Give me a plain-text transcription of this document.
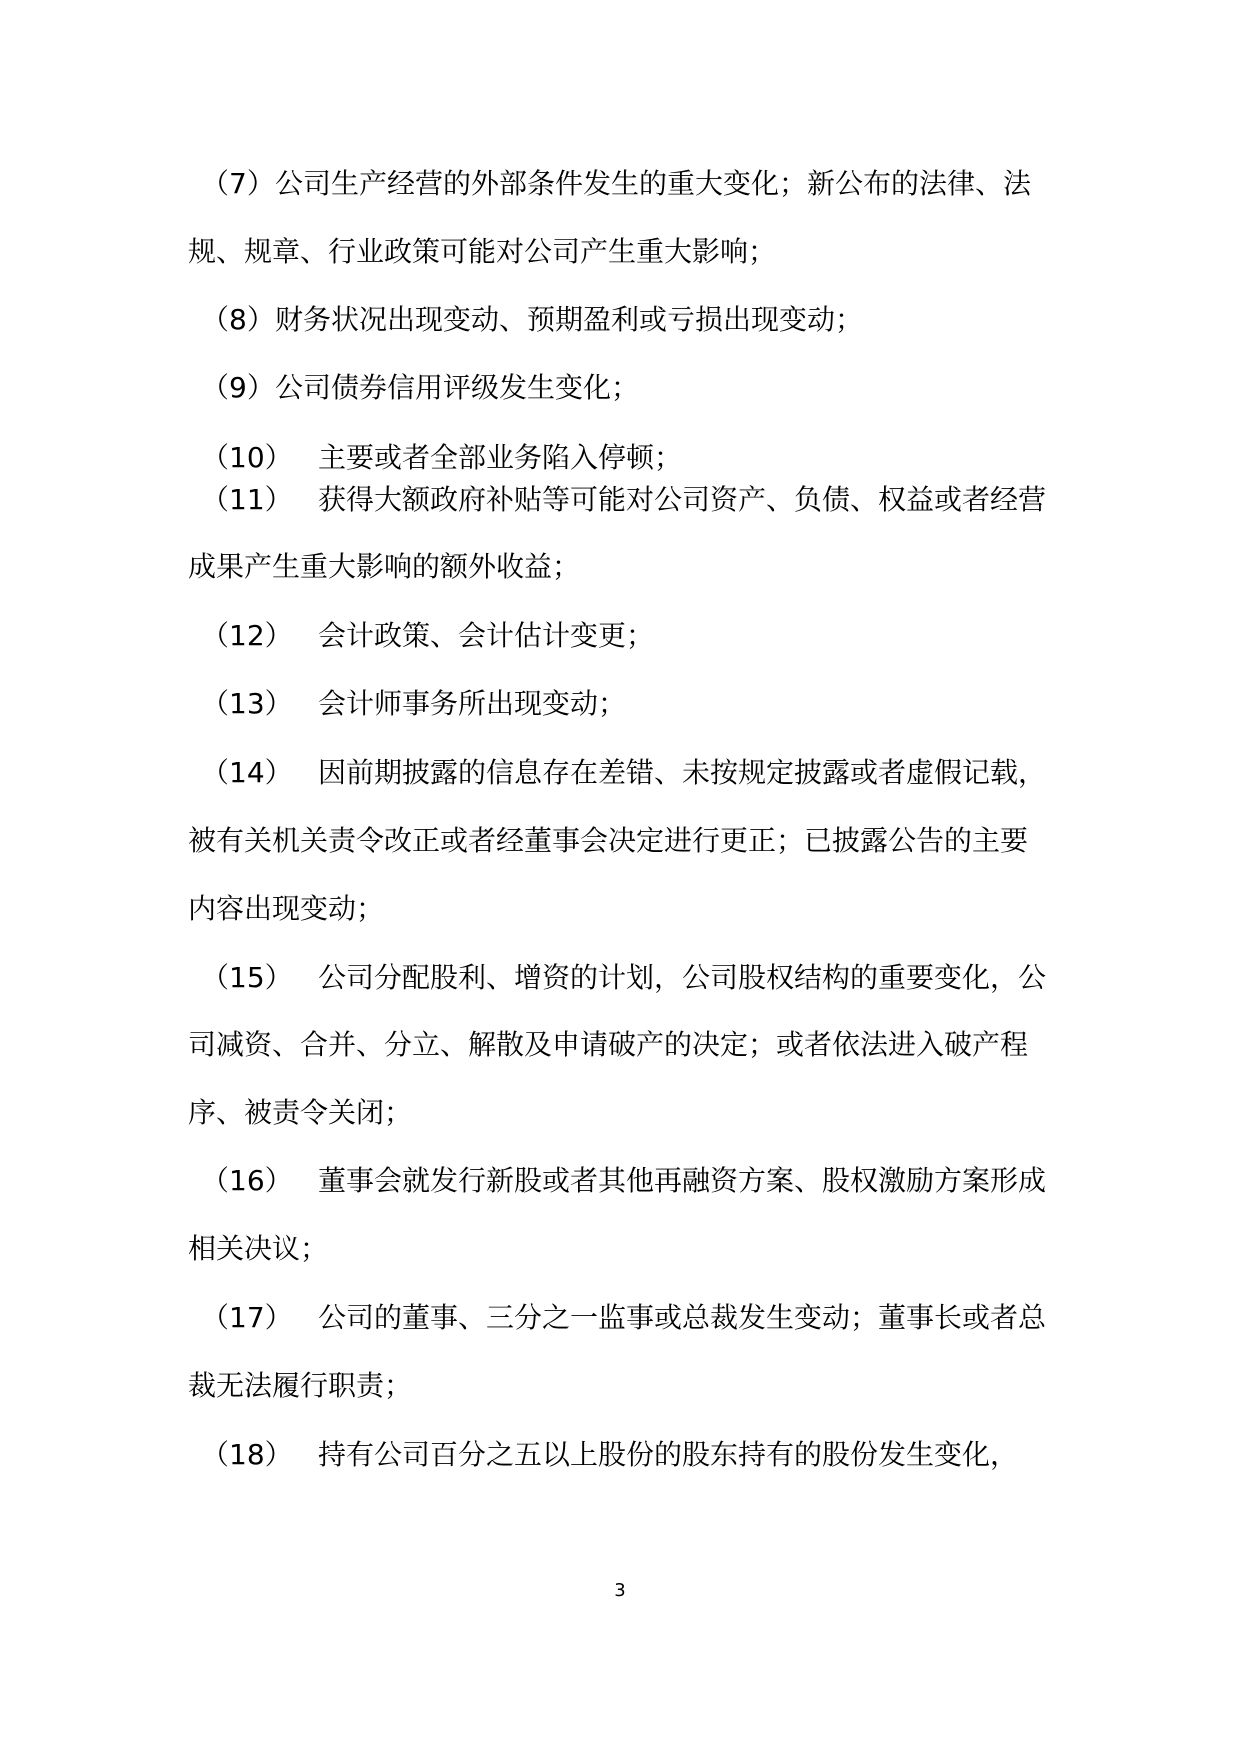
（7） 公司生产经营的外部条件发生的重大变化；新公布的法律、法
规、规章、行业政策可能对公司产生重大影响；
（8） 财务状况出现变动、预期盈利或亏损出现变动；
（9） 公司债券信用评级发生变化；
（10） 主要或者全部业务陷入停顿；
（11） 获得大额政府补贴等可能对公司资产、负债、权益或者经营
成果产生重大影响的额外收益；
（12） 会计政策、会计估计变更；
（13） 会计师事务所出现变动；
（14） 因前期披露的信息存在差错、未按规定披露或者虚假记载，
被有关机关责令改正或者经董事会决定进行更正；已披露公告的主要
内容出现变动；
（15） 公司分配股利、增资的计划，公司股权结构的重要变化，公
司减资、合并、分立、解散及申请破产的决定；或者依法进入破产程
序、被责令关闭；
（16） 董事会就发行新股或者其他再融资方案、股权激励方案形成
相关决议；
（17） 公司的董事、三分之一监事或总裁发生变动；董事长或者总
裁无法履行职责；
（18） 持有公司百分之五以上股份的股东持有的股份发生变化，
3
